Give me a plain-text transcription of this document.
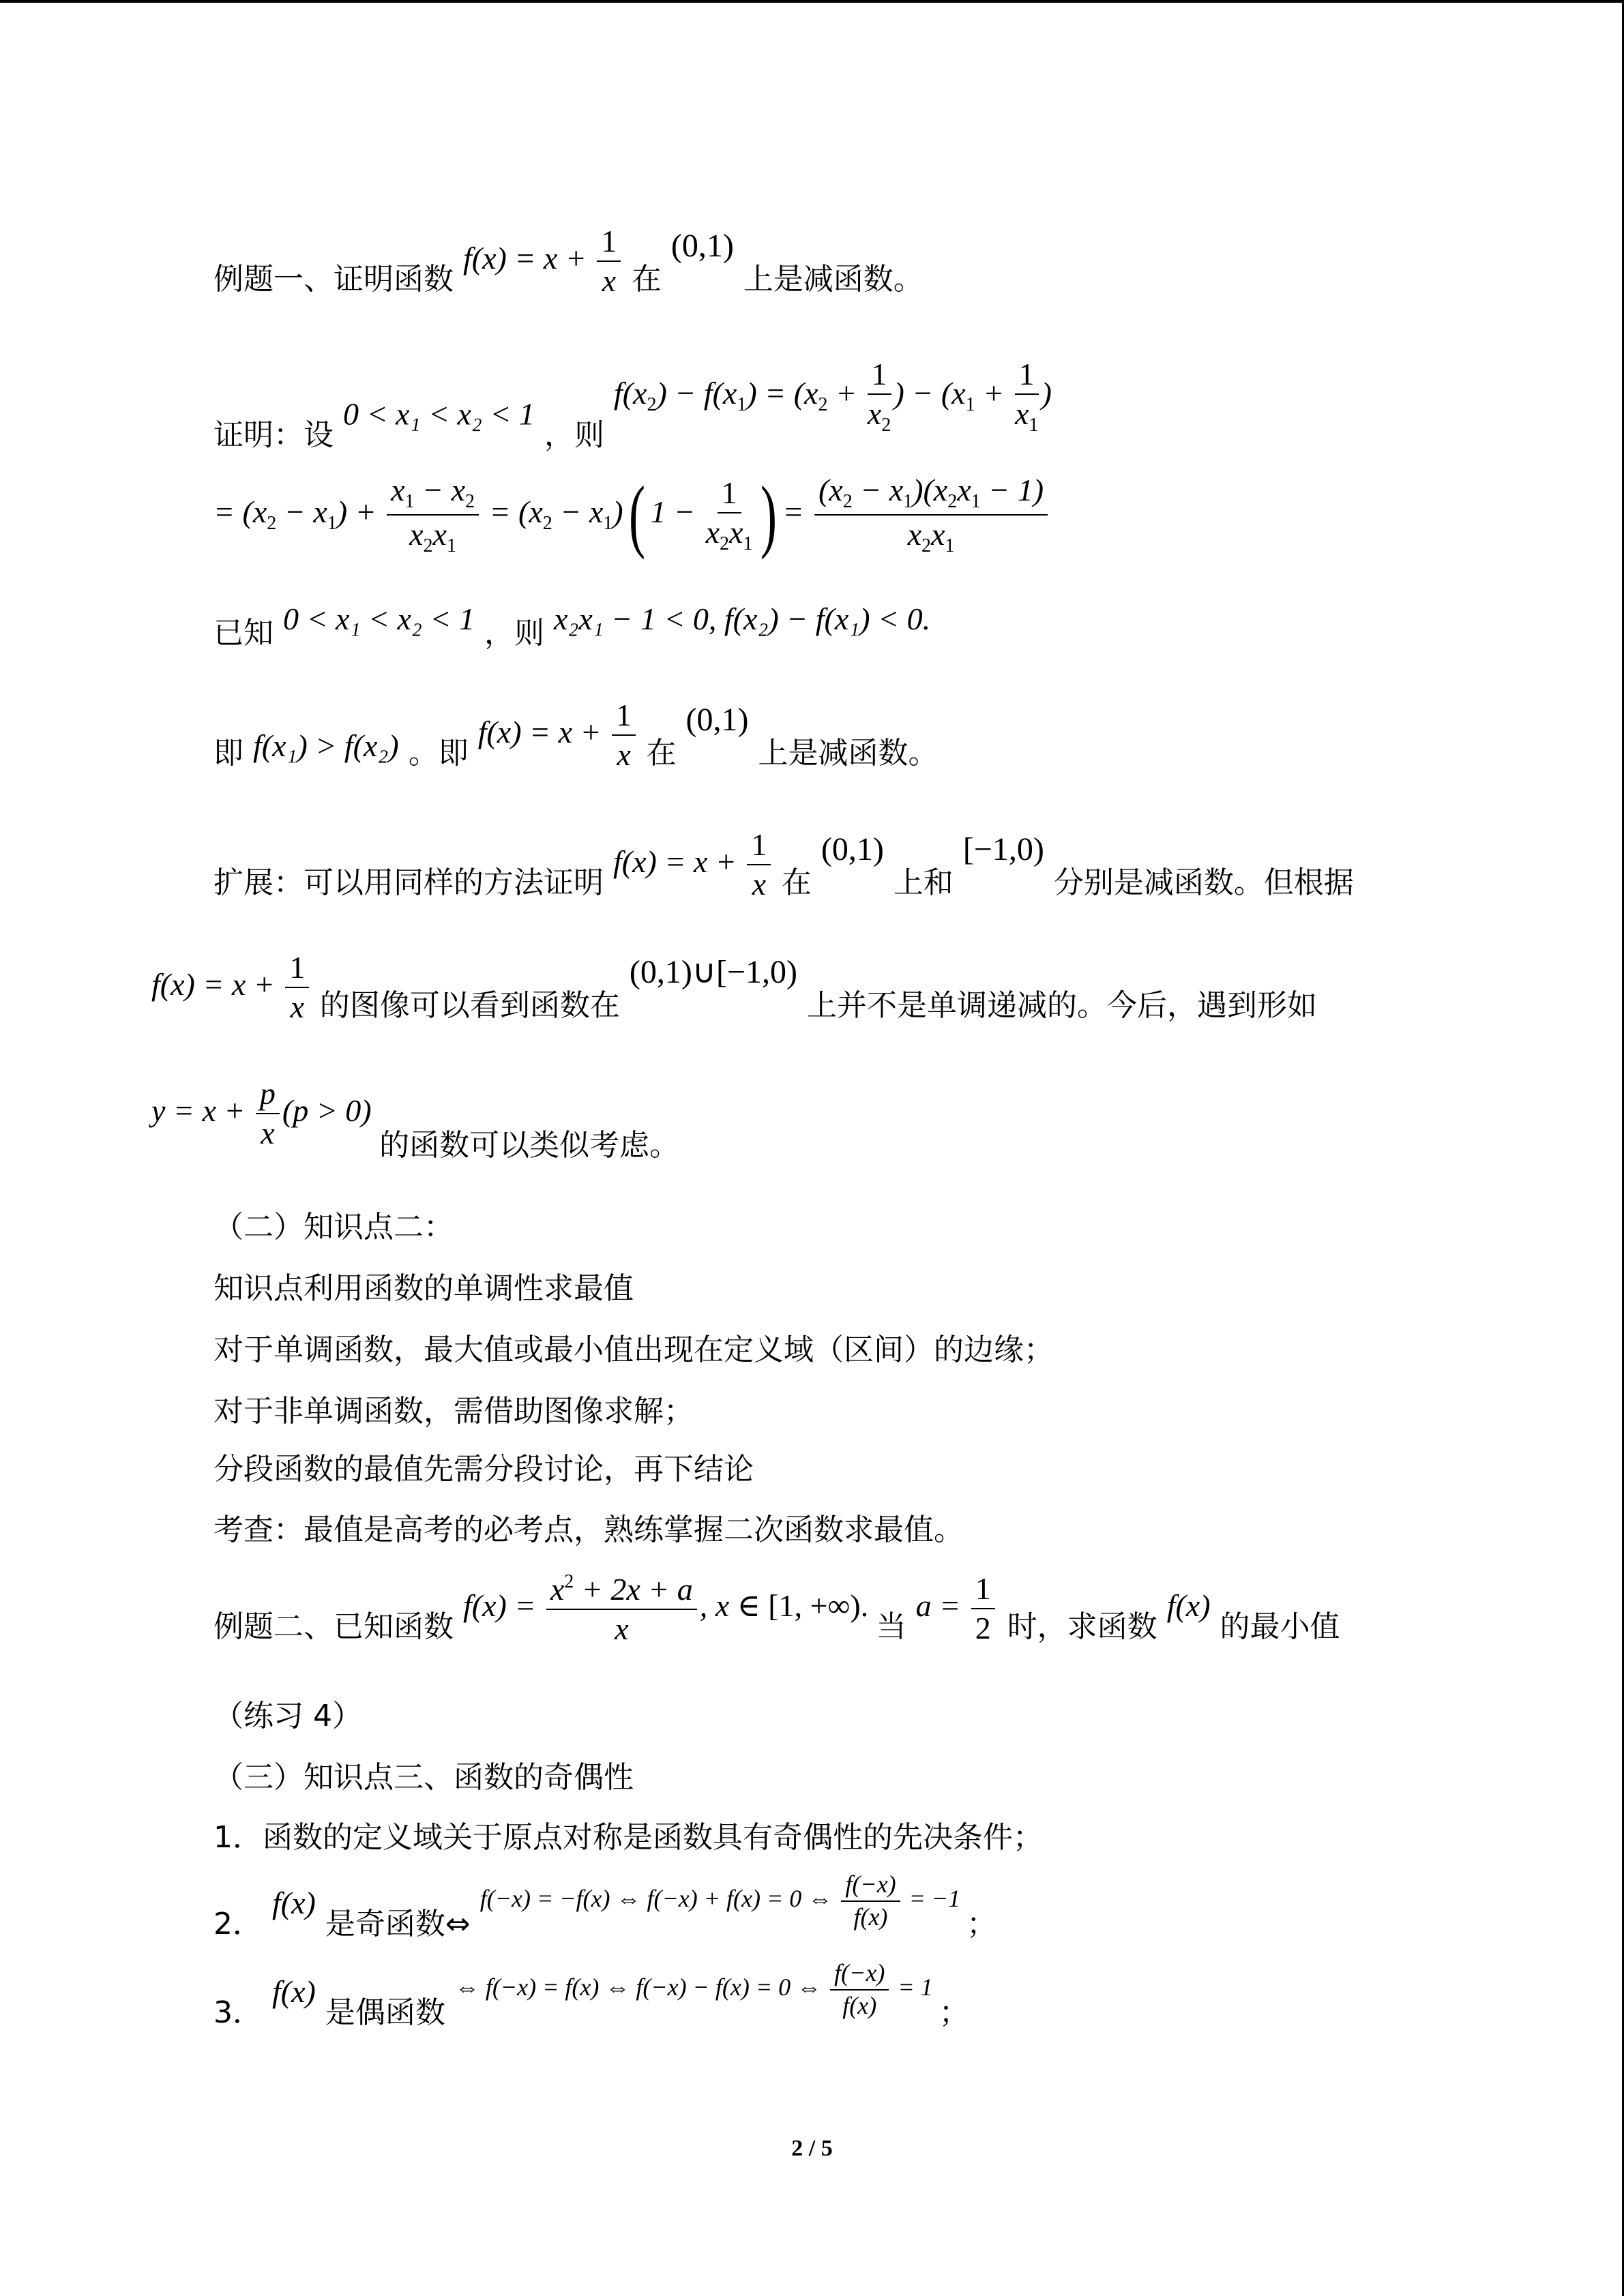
例题一、证明函数 $f(x) = x + \frac{1}{x}$ 在 (0,1) 上是减函数。
证明：设 0 < x₁ < x₂ < 1 ，则 $f(x_2) - f(x_1) = (x_2 + \frac{1}{x_2}$ ) − ($x_1 + \frac{1}{x_1}$ )
= $(x_2 - x_1) + \frac{x_1 - x_2}{x_2x_1} = (x_2 - x_1)$( $1 - \frac{1}{x_2x_1}$ ) = $\frac{(x_2 - x_1)(x_2x_1 - 1)}{x_2x_1}$
已知 0 < x₁ < x₂ < 1 ，则 x₂x₁ − 1 < 0, f(x₂) − f(x₁) < 0.
即 f(x₁) > f(x₂) 。即 $f(x) = x + \frac{1}{x}$ 在 (0,1) 上是减函数。
扩展：可以用同样的方法证明 $f(x) = x + \frac{1}{x}$ 在 (0,1) 上和 [−1,0) 分别是减函数。但根据
$f(x) = x + \frac{1}{x}$ 的图像可以看到函数在 (0,1)∪[−1,0) 上并不是单调递减的。今后，遇到形如
$y = x + \frac{p}{x} (p > 0)$ 的函数可以类似考虑。
（二）知识点二：
知识点利用函数的单调性求最值
对于单调函数，最大值或最小值出现在定义域（区间）的边缘；
对于非单调函数，需借助图像求解；
分段函数的最值先需分段讨论，再下结论
考查：最值是高考的必考点，熟练掌握二次函数求最值。
例题二、已知函数 $f(x) = \frac{x^2 + 2x + a}{x}$ , x ∈ [1, +∞). 当 $a = \frac{1}{2}$ 时，求函数 f(x) 的最小值
（练习 4）
（三）知识点三、函数的奇偶性
1．函数的定义域关于原点对称是函数具有奇偶性的先决条件；
2． f(x) 是奇函数⇔ $^{f(-x) = -f(x) \Leftrightarrow f(-x) + f(x) = 0 \Leftrightarrow \frac{f(-x)}{f(x)} = -1}$ ；
3． f(x) 是偶函数 $^{\Leftrightarrow f(-x) = f(x) \Leftrightarrow f(-x) - f(x) = 0 \Leftrightarrow \frac{f(-x)}{f(x)} = 1}$ ；
2 / 5
